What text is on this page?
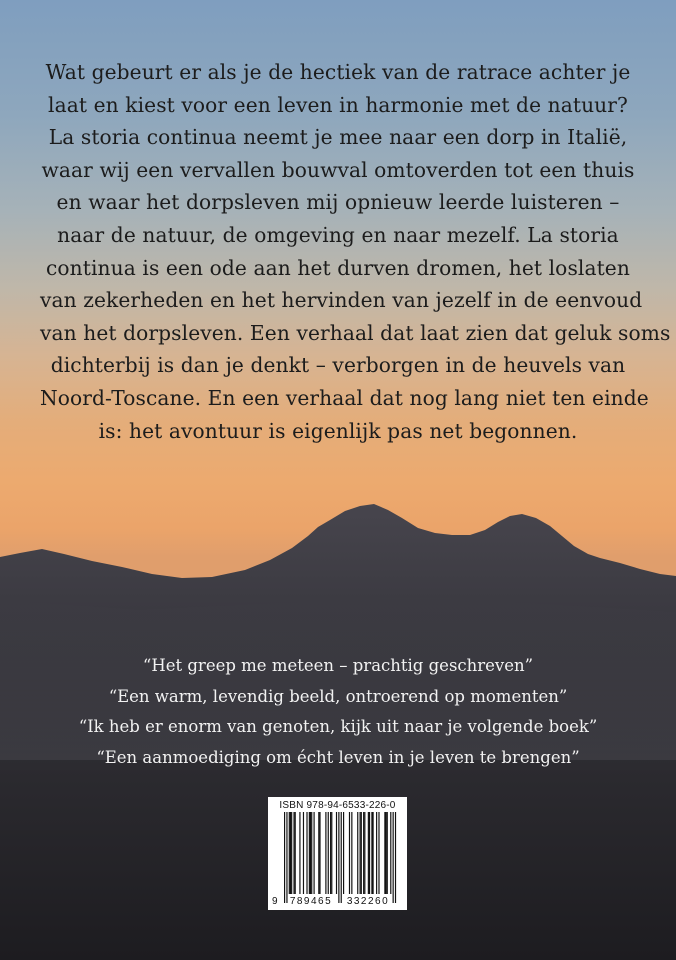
Wat gebeurt er als je de hectiek van de ratrace achter je

laat en kiest voor een leven in harmonie met de natuur?

La storia continua neemt je mee naar een dorp in Italië,

waar wij een vervallen bouwval omtoverden tot een thuis

en waar het dorpsleven mij opnieuw leerde luisteren –

naar de natuur, de omgeving en naar mezelf. La storia

continua is een ode aan het durven dromen, het loslaten

van zekerheden en het hervinden van jezelf in de eenvoud

van het dorpsleven. Een verhaal dat laat zien dat geluk soms

dichterbij is dan je denkt – verborgen in de heuvels van

Noord-Toscane. En een verhaal dat nog lang niet ten einde

is: het avontuur is eigenlijk pas net begonnen.

“Het greep me meteen – prachtig geschreven”

“Een warm, levendig beeld, ontroerend op momenten”

“Ik heb er enorm van genoten, kijk uit naar je volgende boek”

“Een aanmoediging om écht leven in je leven te brengen”

ISBN 978-94-6533-226-0
9	789465	332260
